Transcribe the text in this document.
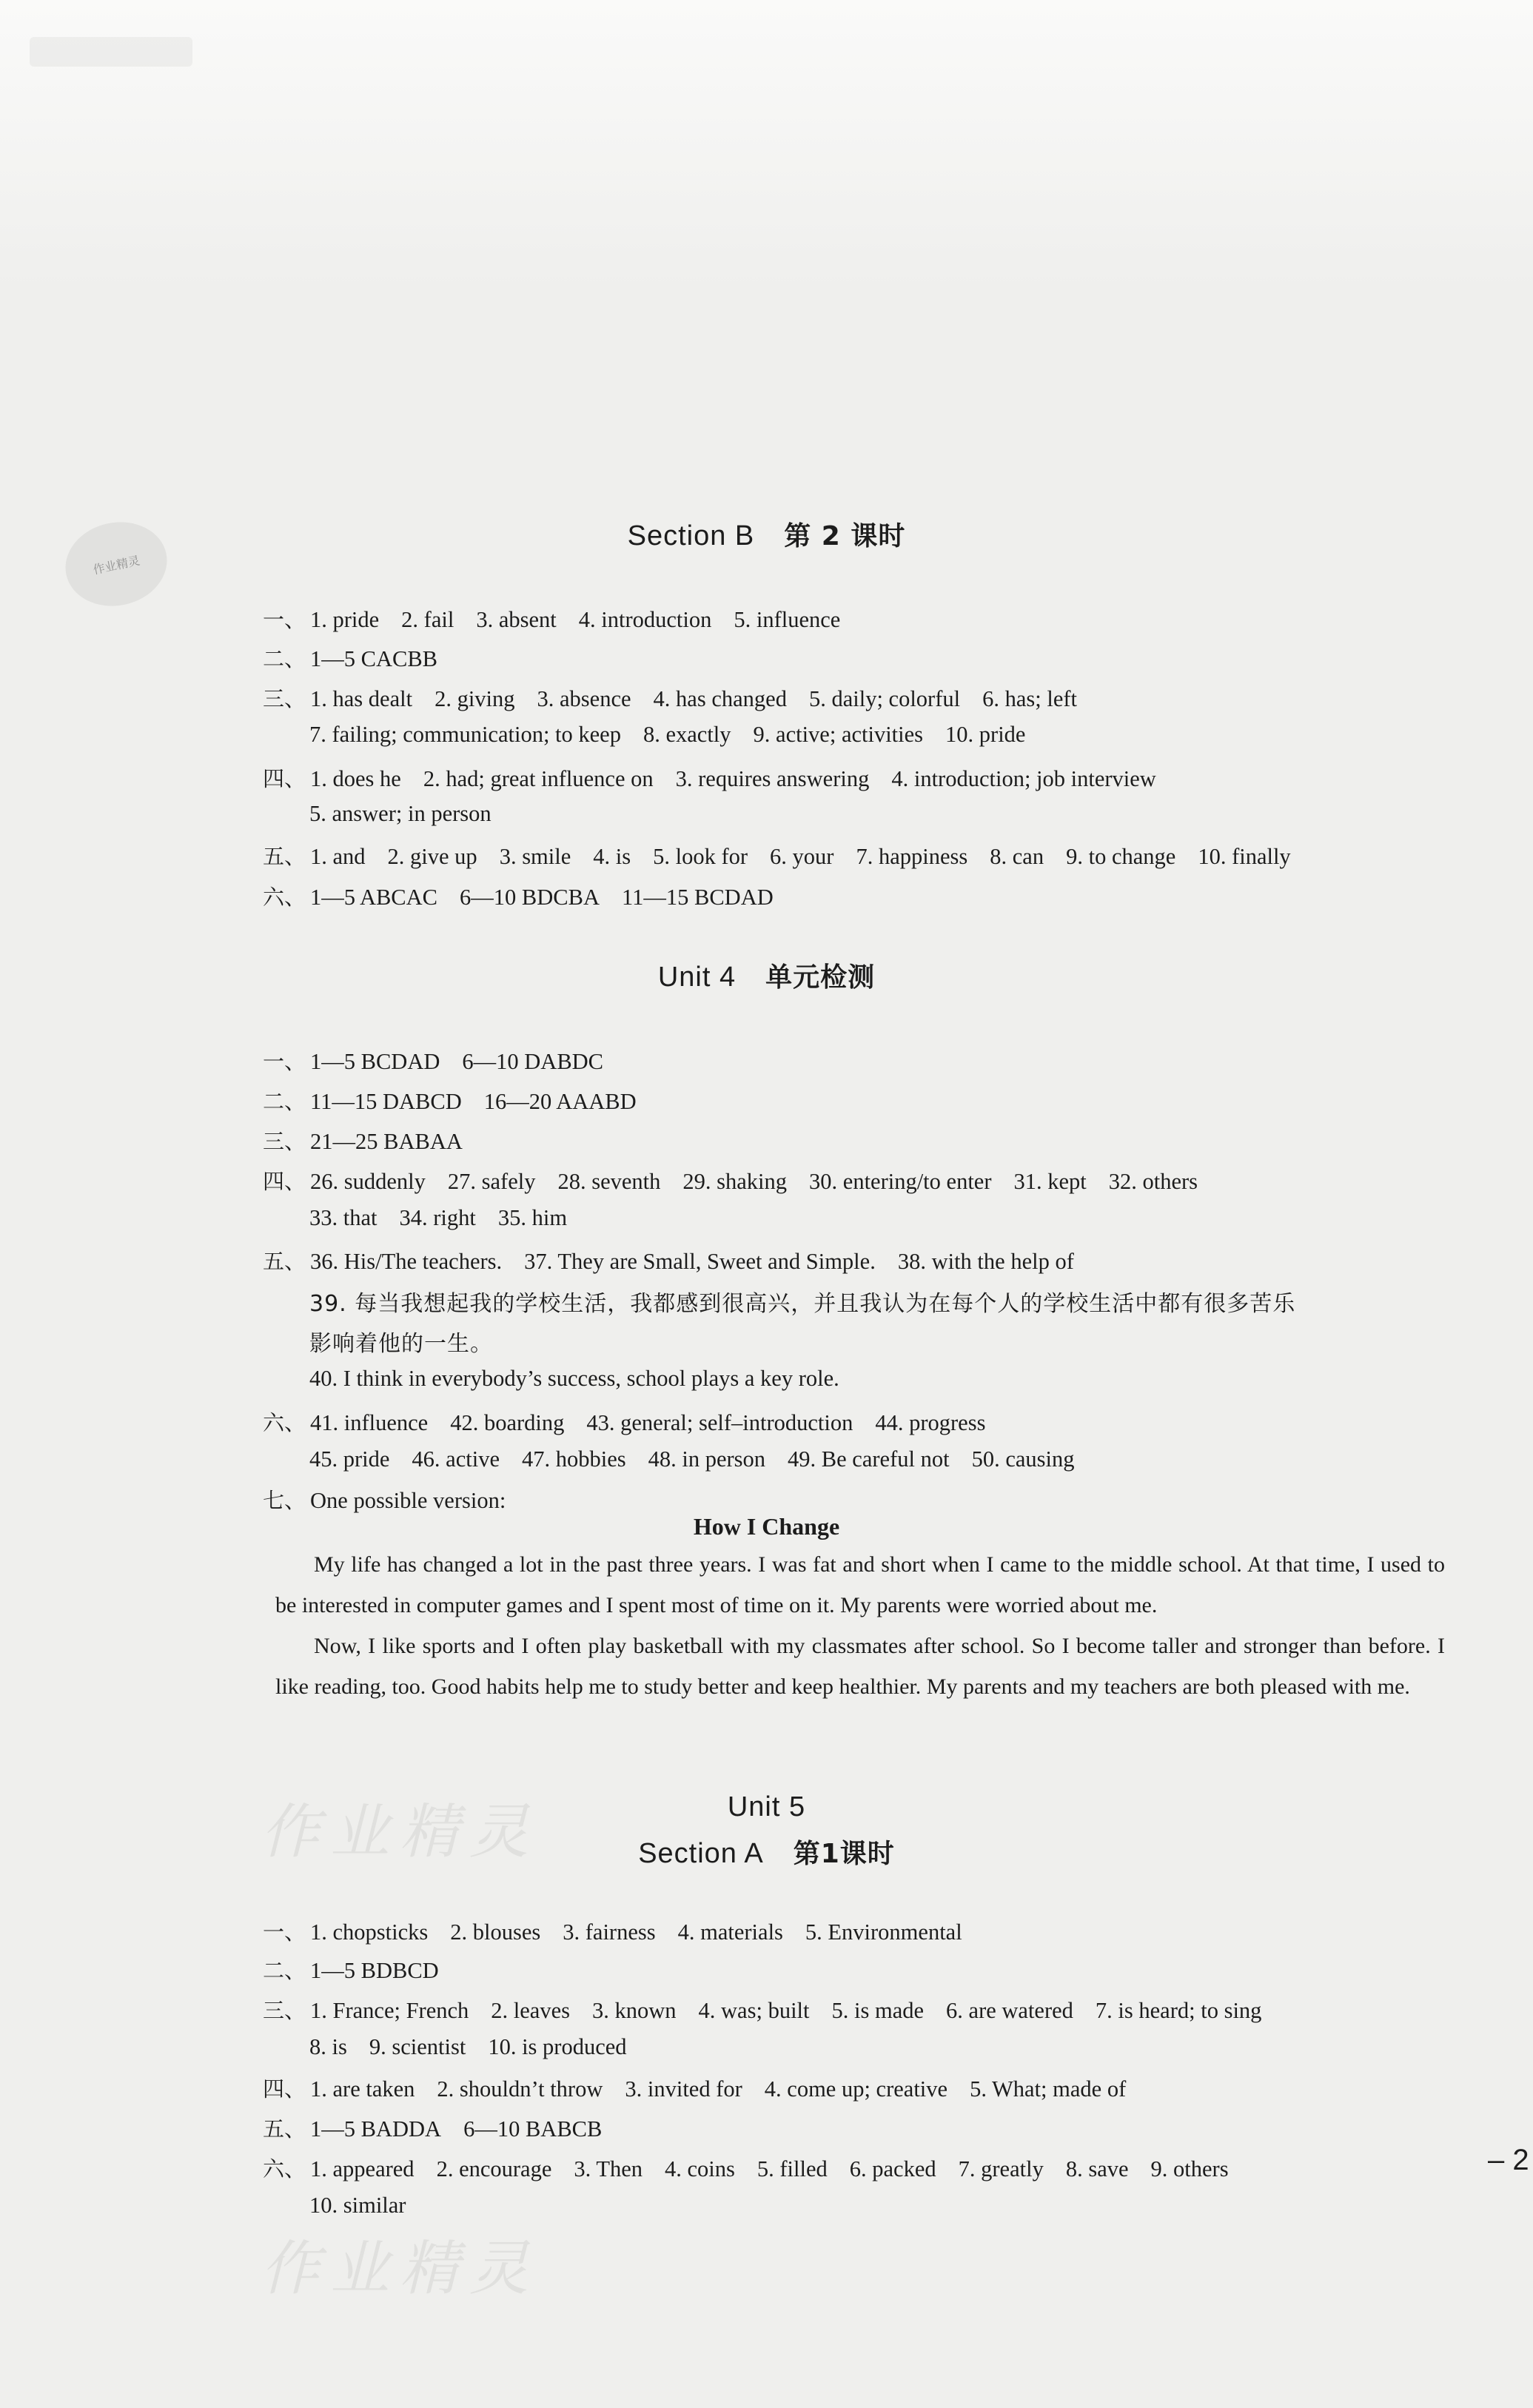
作业精灵
Section B 第 2 课时
一、 1. pride 2. fail 3. absent 4. introduction 5. influence
二、 1—5 CACBB
三、 1. has dealt 2. giving 3. absence 4. has changed 5. daily; colorful 6. has; left
7. failing; communication; to keep 8. exactly 9. active; activities 10. pride
四、 1. does he 2. had; great influence on 3. requires answering 4. introduction; job interview
5. answer; in person
五、 1. and 2. give up 3. smile 4. is 5. look for 6. your 7. happiness 8. can 9. to change 10. finally
六、 1—5 ABCAC 6—10 BDCBA 11—15 BCDAD
Unit 4 单元检测
一、 1—5 BCDAD 6—10 DABDC
二、 11—15 DABCD 16—20 AAABD
三、 21—25 BABAA
四、 26. suddenly 27. safely 28. seventh 29. shaking 30. entering/to enter 31. kept 32. others
33. that 34. right 35. him
五、 36. His/The teachers. 37. They are Small, Sweet and Simple. 38. with the help of
39. 每当我想起我的学校生活，我都感到很高兴，并且我认为在每个人的学校生活中都有很多苦乐
影响着他的一生。
40. I think in everybody’s success, school plays a key role.
六、 41. influence 42. boarding 43. general; self–introduction 44. progress
45. pride 46. active 47. hobbies 48. in person 49. Be careful not 50. causing
七、 One possible version:
How I Change

My life has changed a lot in the past three years. I was fat and short when I came to the middle school. At that time, I used to be interested in computer games and I spent most of time on it. My parents were worried about me.

Now, I like sports and I often play basketball with my classmates after school. So I become taller and stronger than before. I like reading, too. Good habits help me to study better and keep healthier. My parents and my teachers are both pleased with me.

Unit 5
Section A 第1课时
一、 1. chopsticks 2. blouses 3. fairness 4. materials 5. Environmental
二、 1—5 BDBCD
三、 1. France; French 2. leaves 3. known 4. was; built 5. is made 6. are watered 7. is heard; to sing
8. is 9. scientist 10. is produced
四、 1. are taken 2. shouldn’t throw 3. invited for 4. come up; creative 5. What; made of
五、 1—5 BADDA 6—10 BABCB
六、 1. appeared 2. encourage 3. Then 4. coins 5. filled 6. packed 7. greatly 8. save 9. others
10. similar
作业精灵
作业精灵
– 2
